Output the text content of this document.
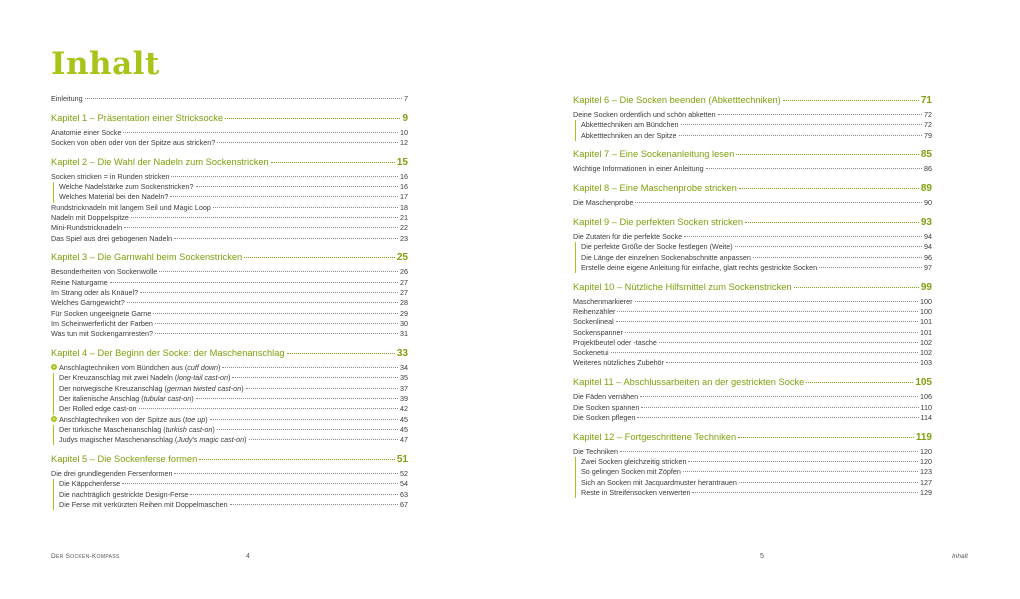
Inhalt
Einleitung	7
Kapitel 1 – Präsentation einer Stricksocke	9
Anatomie einer Socke	10
Socken von oben oder von der Spitze aus stricken?	12
Kapitel 2 – Die Wahl der Nadeln zum Sockenstricken	15
Socken stricken = in Runden stricken	16
Welche Nadelstärke zum Sockenstricken?	16
Welches Material bei den Nadeln?	17
Rundstricknadeln mit langem Seil und Magic Loop	18
Nadeln mit Doppelspitze	21
Mini-Rundstricknadeln	22
Das Spiel aus drei gebogenen Nadeln	23
Kapitel 3 – Die Garnwahl beim Sockenstricken	25
Besonderheiten von Sockenwolle	26
Reine Naturgarne	27
Im Strang oder als Knäuel?	27
Welches Garngewicht?	28
Für Socken ungeeignete Garne	29
Im Scheinwerferlicht der Farben	30
Was tun mit Sockengarnresten?	31
Kapitel 4 – Der Beginn der Socke: der Maschenanschlag	33
a Anschlagtechniken vom Bündchen aus (cuff down)	34
Der Kreuzanschlag mit zwei Nadeln (long-tail cast-on)	35
Der norwegische Kreuzanschlag (german twisted cast-on)	37
Der italienische Anschlag (tubular cast-on)	39
Der Rolled edge cast-on	42
b Anschlagtechniken von der Spitze aus (toe up)	45
Der türkische Maschenanschlag (turkish cast-on)	45
Judys magischer Maschenanschlag (Judy's magic cast-on)	47
Kapitel 5 – Die Sockenferse formen	51
Die drei grundlegenden Fersenformen	52
Die Käppchenferse	54
Die nachträglich gestrickte Design-Ferse	63
Die Ferse mit verkürzten Reihen mit Doppelmaschen	67
Der Socken-Kompass	4
Kapitel 6 – Die Socken beenden (Abketttechniken)	71
Deine Socken ordentlich und schön abketten	72
Abketttechniken am Bündchen	72
Abketttechniken an der Spitze	79
Kapitel 7 – Eine Sockenanleitung lesen	85
Wichtige Informationen in einer Anleitung	86
Kapitel 8 – Eine Maschenprobe stricken	89
Die Maschenprobe	90
Kapitel 9 – Die perfekten Socken stricken	93
Die Zutaten für die perfekte Socke	94
Die perfekte Größe der Socke festlegen (Weite)	94
Die Länge der einzelnen Sockenabschnitte anpassen	96
Erstelle deine eigene Anleitung für einfache, glatt rechts gestrickte Socken	97
Kapitel 10 – Nützliche Hilfsmittel zum Sockenstricken	99
Maschenmarkierer	100
Reihenzähler	100
Sockenlineal	101
Sockenspanner	101
Projektbeutel oder -tasche	102
Sockenetui	102
Weiteres nützliches Zubehör	103
Kapitel 11 – Abschlussarbeiten an der gestrickten Socke	105
Die Fäden vernähen	106
Die Socken spannen	110
Die Socken pflegen	114
Kapitel 12 – Fortgeschrittene Techniken	119
Die Techniken	120
Zwei Socken gleichzeitig stricken	120
So gelingen Socken mit Zöpfen	123
Sich an Socken mit Jacquardmuster herantrauen	127
Reste in Streifensocken verwerten	129
5	Inhalt
